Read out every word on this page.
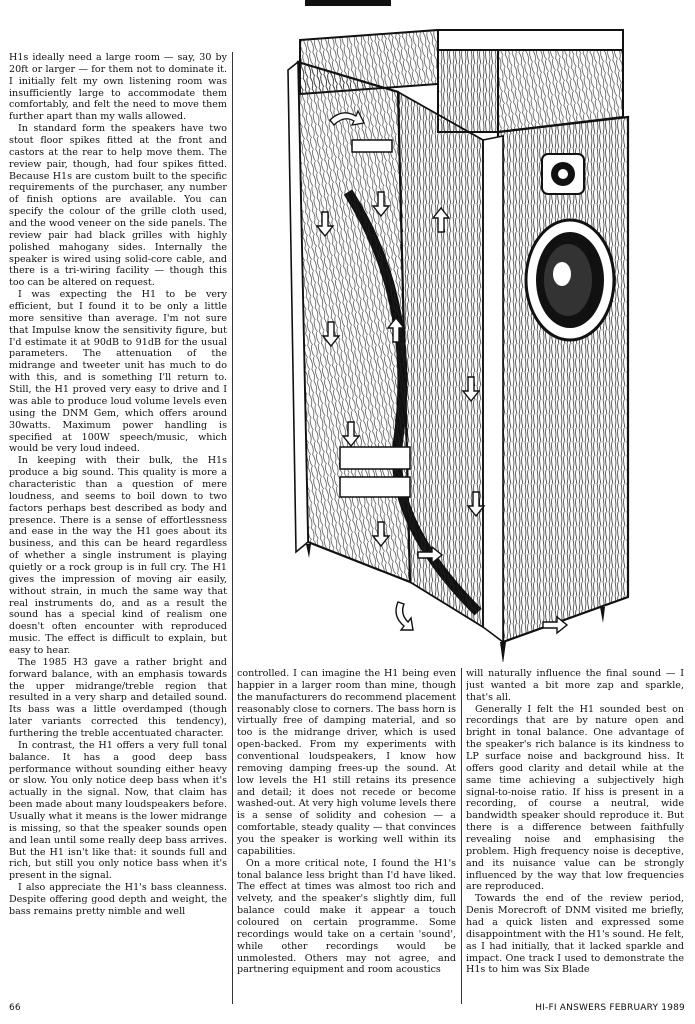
H1s ideally need a large room — say, 30 by 20ft or larger — for them not to dominate it. I initially felt my own listening room was insufficiently large to accommodate them comfortably, and felt the need to move them further apart than my walls allowed.

In standard form the speakers have two stout floor spikes fitted at the front and castors at the rear to help move them. The review pair, though, had four spikes fitted. Because H1s are custom built to the specific requirements of the purchaser, any number of finish options are available. You can specify the colour of the grille cloth used, and the wood veneer on the side panels. The review pair had black grilles with highly polished mahogany sides. Internally the speaker is wired using solid-core cable, and there is a tri-wiring facility — though this too can be altered on request.

I was expecting the H1 to be very efficient, but I found it to be only a little more sensitive than average. I'm not sure that Impulse know the sensitivity figure, but I'd estimate it at 90dB to 91dB for the usual parameters. The attenuation of the midrange and tweeter unit has much to do with this, and is something I'll return to. Still, the H1 proved very easy to drive and I was able to produce loud volume levels even using the DNM Gem, which offers around 30watts. Maximum power handling is specified at 100W speech/music, which would be very loud indeed.

In keeping with their bulk, the H1s produce a big sound. This quality is more a characteristic than a question of mere loudness, and seems to boil down to two factors perhaps best described as body and presence. There is a sense of effortlessness and ease in the way the H1 goes about its business, and this can be heard regardless of whether a single instrument is playing quietly or a rock group is in full cry. The H1 gives the impression of moving air easily, without strain, in much the same way that real instruments do, and as a result the sound has a special kind of realism one doesn't often encounter with reproduced music. The effect is difficult to explain, but easy to hear.

The 1985 H3 gave a rather bright and forward balance, with an emphasis towards the upper midrange/treble region that resulted in a very sharp and detailed sound. Its bass was a little overdamped (though later variants corrected this tendency), furthering the treble accentuated character.

In contrast, the H1 offers a very full tonal balance. It has a good deep bass performance without sounding either heavy or slow. You only notice deep bass when it's actually in the signal. Now, that claim has been made about many loudspeakers before. Usually what it means is the lower midrange is missing, so that the speaker sounds open and lean until some really deep bass arrives. But the H1 isn't like that: it sounds full and rich, but still you only notice bass when it's present in the signal.

I also appreciate the H1's bass cleanness. Despite offering good depth and weight, the bass remains pretty nimble and well

controlled. I can imagine the H1 being even happier in a larger room than mine, though the manufacturers do recommend placement reasonably close to corners. The bass horn is virtually free of damping material, and so too is the midrange driver, which is used open-backed. From my experiments with conventional loudspeakers, I know how removing damping frees-up the sound. At low levels the H1 still retains its presence and detail; it does not recede or become washed-out. At very high volume levels there is a sense of solidity and cohesion — a comfortable, steady quality — that convinces you the speaker is working well within its capabilities.

On a more critical note, I found the H1's tonal balance less bright than I'd have liked. The effect at times was almost too rich and velvety, and the speaker's slightly dim, full balance could make it appear a touch coloured on certain programme. Some recordings would take on a certain 'sound', while other recordings would be unmolested. Others may not agree, and partnering equipment and room acoustics

will naturally influence the final sound — I just wanted a bit more zap and sparkle, that's all.

Generally I felt the H1 sounded best on recordings that are by nature open and bright in tonal balance. One advantage of the speaker's rich balance is its kindness to LP surface noise and background hiss. It offers good clarity and detail while at the same time achieving a subjectively high signal-to-noise ratio. If hiss is present in a recording, of course a neutral, wide bandwidth speaker should reproduce it. But there is a difference between faithfully revealing noise and emphasising the problem. High frequency noise is deceptive, and its nuisance value can be strongly influenced by the way that low frequencies are reproduced.

Towards the end of the review period, Denis Morecroft of DNM visited me briefly, had a quick listen and expressed some disappointment with the H1's sound. He felt, as I had initially, that it lacked sparkle and impact. One track I used to demonstrate the H1s to him was Six Blade

66	HI-FI ANSWERS FEBRUARY 1989
